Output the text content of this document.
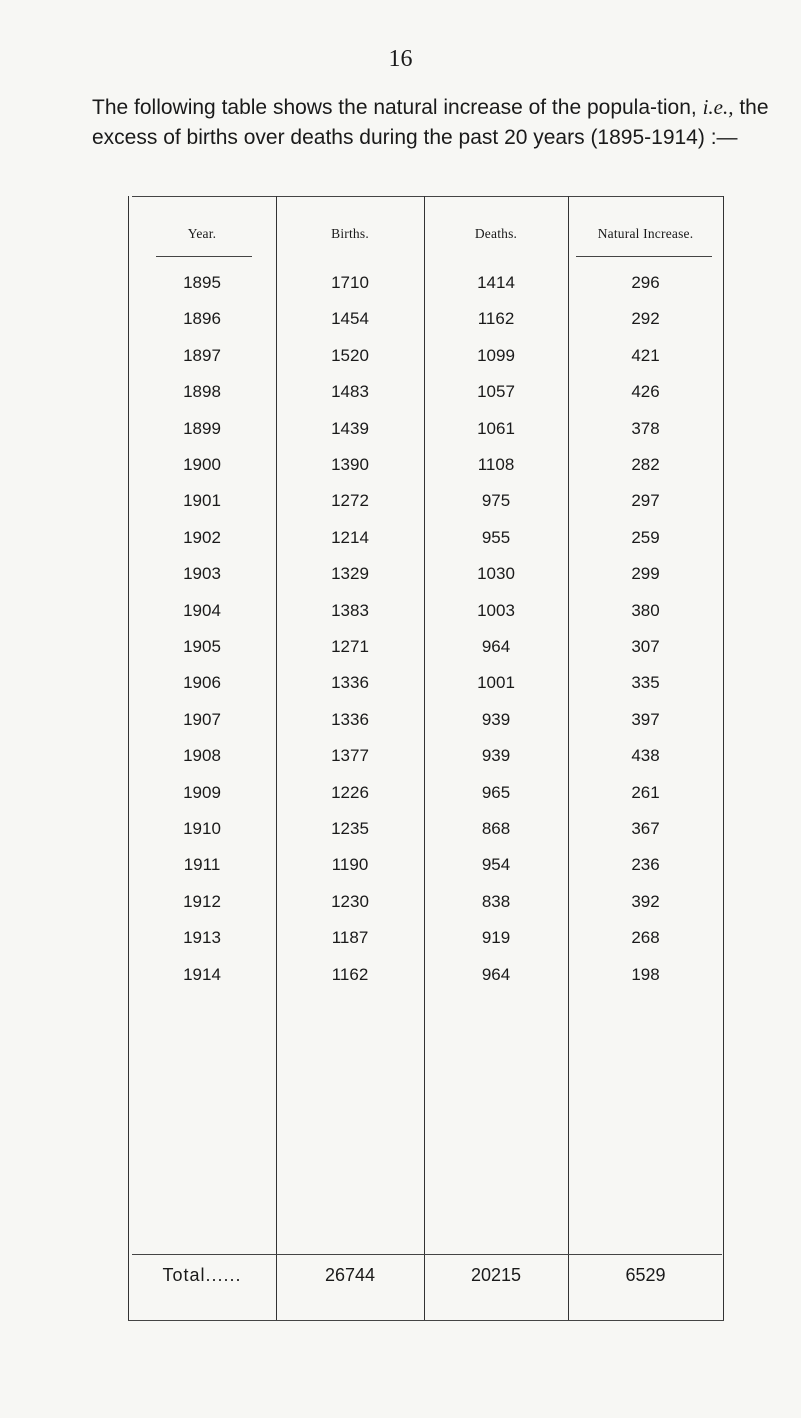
16

The following table shows the natural increase of the popula-tion, i.e., the excess of births over deaths during the past 20 years (1895-1914) :—

Year.	Births.	Deaths.	Natural Increase.
1895	1710	1414	296
1896	1454	1162	292
1897	1520	1099	421
1898	1483	1057	426
1899	1439	1061	378
1900	1390	1108	282
1901	1272	975	297
1902	1214	955	259
1903	1329	1030	299
1904	1383	1003	380
1905	1271	964	307
1906	1336	1001	335
1907	1336	939	397
1908	1377	939	438
1909	1226	965	261
1910	1235	868	367
1911	1190	954	236
1912	1230	838	392
1913	1187	919	268
1914	1162	964	198
Total......	26744	20215	6529
